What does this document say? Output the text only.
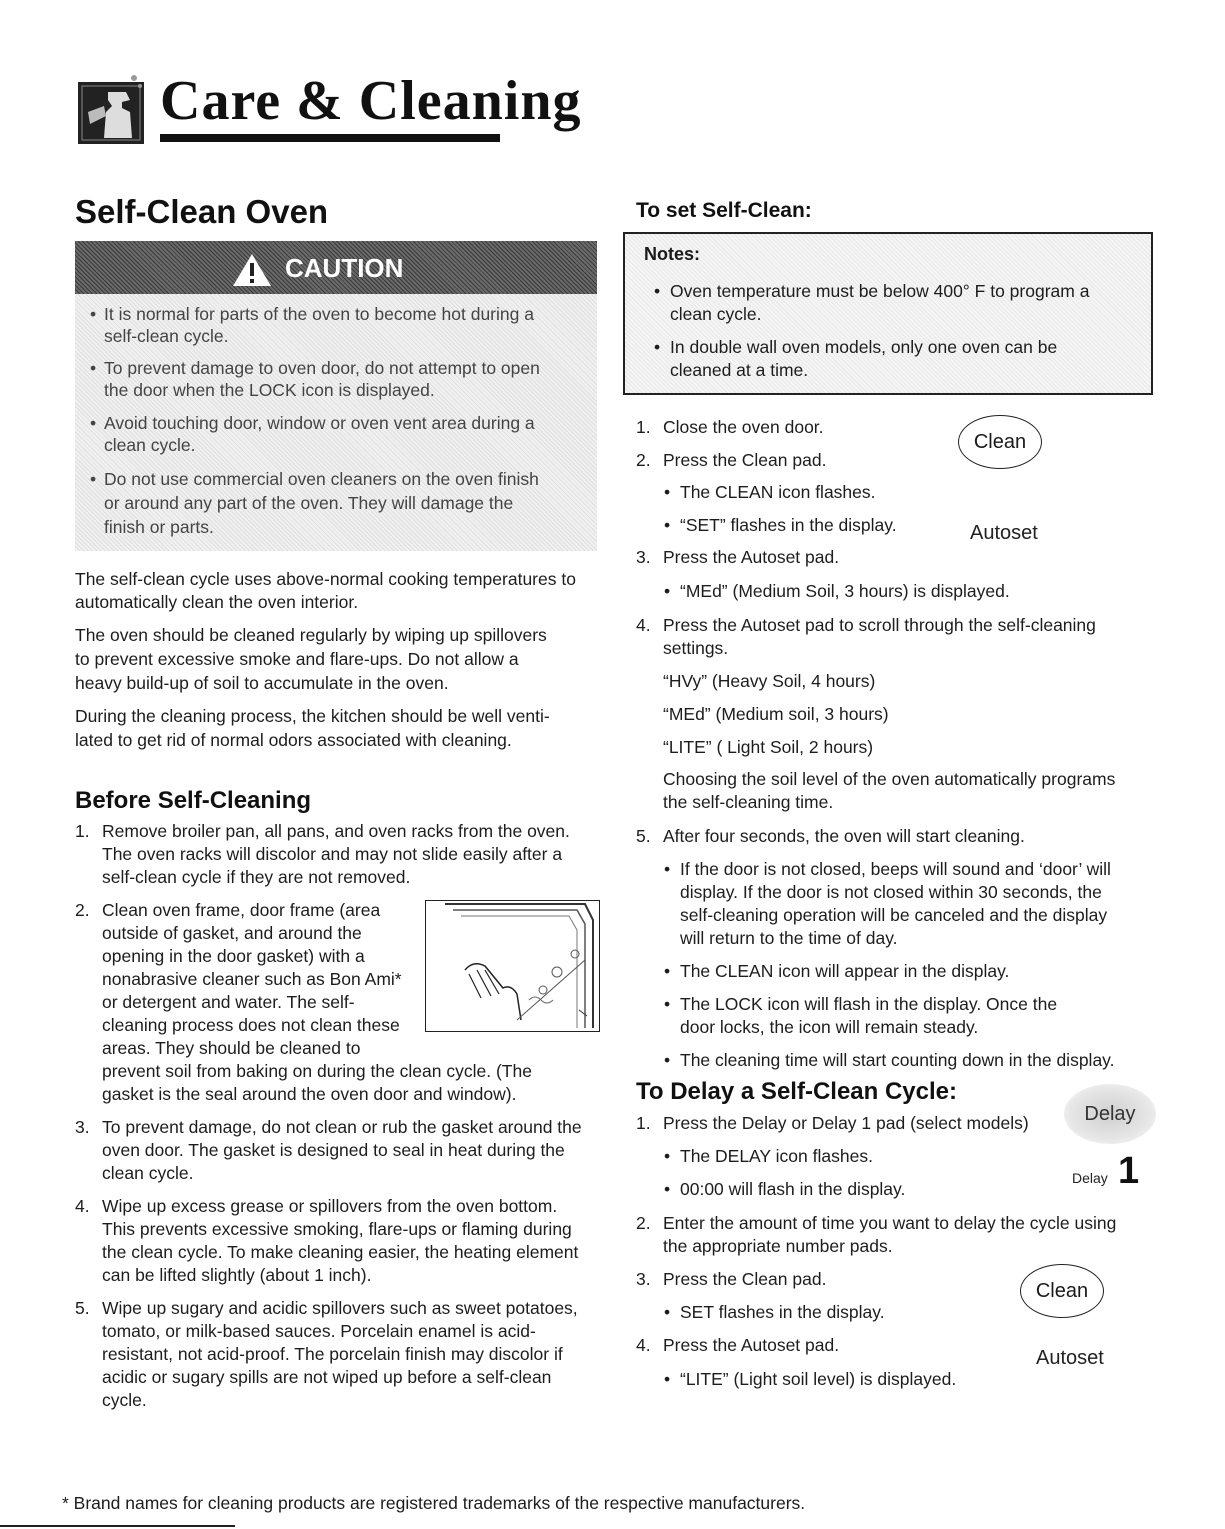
Care & Cleaning
Self-Clean Oven
CAUTION
• It is normal for parts of the oven to become hot during a
self-clean cycle.
• To prevent damage to oven door, do not attempt to open
the door when the LOCK icon is displayed.
• Avoid touching door, window or oven vent area during a
clean cycle.
• Do not use commercial oven cleaners on the oven finish
or around any part of the oven. They will damage the
finish or parts.
The self-clean cycle uses above-normal cooking temperatures to
automatically clean the oven interior.
The oven should be cleaned regularly by wiping up spillovers
to prevent excessive smoke and flare-ups. Do not allow a
heavy build-up of soil to accumulate in the oven.
During the cleaning process, the kitchen should be well venti-
lated to get rid of normal odors associated with cleaning.
Before Self-Cleaning
1. Remove broiler pan, all pans, and oven racks from the oven.
The oven racks will discolor and may not slide easily after a
self-clean cycle if they are not removed.
2. Clean oven frame, door frame (area
outside of gasket, and around the
opening in the door gasket) with a
nonabrasive cleaner such as Bon Ami*
or detergent and water. The self-
cleaning process does not clean these
areas. They should be cleaned to
prevent soil from baking on during the clean cycle. (The
gasket is the seal around the oven door and window).
3. To prevent damage, do not clean or rub the gasket around the
oven door. The gasket is designed to seal in heat during the
clean cycle.
4. Wipe up excess grease or spillovers from the oven bottom.
This prevents excessive smoking, flare-ups or flaming during
the clean cycle. To make cleaning easier, the heating element
can be lifted slightly (about 1 inch).
5. Wipe up sugary and acidic spillovers such as sweet potatoes,
tomato, or milk-based sauces. Porcelain enamel is acid-
resistant, not acid-proof. The porcelain finish may discolor if
acidic or sugary spills are not wiped up before a self-clean
cycle.
To set Self-Clean:
Notes:
• Oven temperature must be below 400° F to program a
clean cycle.
• In double wall oven models, only one oven can be
cleaned at a time.
1. Close the oven door.
2. Press the Clean pad.
• The CLEAN icon flashes.
• “SET” flashes in the display.
3. Press the Autoset pad.
• “MEd” (Medium Soil, 3 hours) is displayed.
4. Press the Autoset pad to scroll through the self-cleaning
settings.
“HVy” (Heavy Soil, 4 hours)
“MEd” (Medium soil, 3 hours)
“LITE” ( Light Soil, 2 hours)
Choosing the soil level of the oven automatically programs
the self-cleaning time.
5. After four seconds, the oven will start cleaning.
• If the door is not closed, beeps will sound and ‘door’ will
display. If the door is not closed within 30 seconds, the
self-cleaning operation will be canceled and the display
will return to the time of day.
• The CLEAN icon will appear in the display.
• The LOCK icon will flash in the display. Once the
door locks, the icon will remain steady.
• The cleaning time will start counting down in the display.
Clean
Autoset
To Delay a Self-Clean Cycle:
Delay
1. Press the Delay or Delay 1 pad (select models)
• The DELAY icon flashes.
• 00:00 will flash in the display.
Delay 1
2. Enter the amount of time you want to delay the cycle using
the appropriate number pads.
3. Press the Clean pad.
• SET flashes in the display.
4. Press the Autoset pad.
• “LITE” (Light soil level) is displayed.
Clean
Autoset
* Brand names for cleaning products are registered trademarks of the respective manufacturers.
